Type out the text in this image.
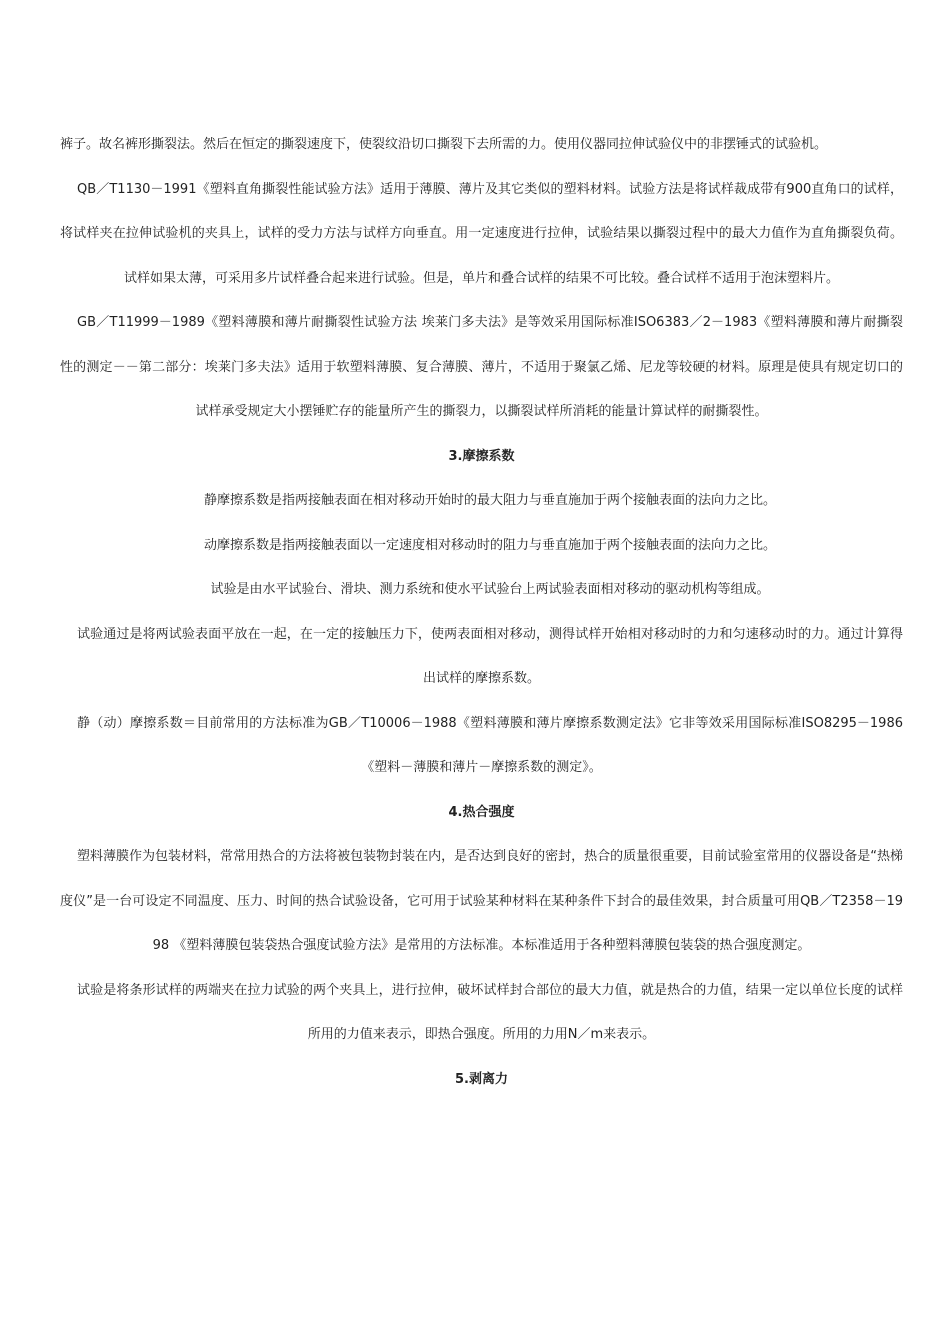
裤子。故名裤形撕裂法。然后在恒定的撕裂速度下，使裂纹沿切口撕裂下去所需的力。使用仪器同拉伸试验仪中的非摆锤式的试验机。

QB／T1130－1991《塑料直角撕裂性能试验方法》适用于薄膜、薄片及其它类似的塑料材料。试验方法是将试样裁成带有900直角口的试样，将试样夹在拉伸试验机的夹具上，试样的受力方法与试样方向垂直。用一定速度进行拉伸，试验结果以撕裂过程中的最大力值作为直角撕裂负荷。试样如果太薄，可采用多片试样叠合起来进行试验。但是，单片和叠合试样的结果不可比较。叠合试样不适用于泡沫塑料片。

GB／T11999－1989《塑料薄膜和薄片耐撕裂性试验方法 埃莱门多夫法》是等效采用国际标准ISO6383／2－1983《塑料薄膜和薄片耐撕裂性的测定－－第二部分：埃莱门多夫法》适用于软塑料薄膜、复合薄膜、薄片，不适用于聚氯乙烯、尼龙等较硬的材料。原理是使具有规定切口的试样承受规定大小摆锤贮存的能量所产生的撕裂力，以撕裂试样所消耗的能量计算试样的耐撕裂性。

3.摩擦系数

静摩擦系数是指两接触表面在相对移动开始时的最大阻力与垂直施加于两个接触表面的法向力之比。

动摩擦系数是指两接触表面以一定速度相对移动时的阻力与垂直施加于两个接触表面的法向力之比。

试验是由水平试验台、滑块、测力系统和使水平试验台上两试验表面相对移动的驱动机构等组成。

试验通过是将两试验表面平放在一起，在一定的接触压力下，使两表面相对移动，测得试样开始相对移动时的力和匀速移动时的力。通过计算得出试样的摩擦系数。

静（动）摩擦系数＝目前常用的方法标准为GB／T10006－1988《塑料薄膜和薄片摩擦系数测定法》它非等效采用国际标准ISO8295－1986《塑料－薄膜和薄片－摩擦系数的测定》。

4.热合强度

塑料薄膜作为包装材料，常常用热合的方法将被包装物封装在内，是否达到良好的密封，热合的质量很重要，目前试验室常用的仪器设备是“热梯度仪”是一台可设定不同温度、压力、时间的热合试验设备，它可用于试验某种材料在某种条件下封合的最佳效果，封合质量可用QB／T2358－1998 《塑料薄膜包装袋热合强度试验方法》是常用的方法标准。本标准适用于各种塑料薄膜包装袋的热合强度测定。

试验是将条形试样的两端夹在拉力试验的两个夹具上，进行拉伸，破坏试样封合部位的最大力值，就是热合的力值，结果一定以单位长度的试样所用的力值来表示，即热合强度。所用的力用N／m来表示。

5.剥离力
